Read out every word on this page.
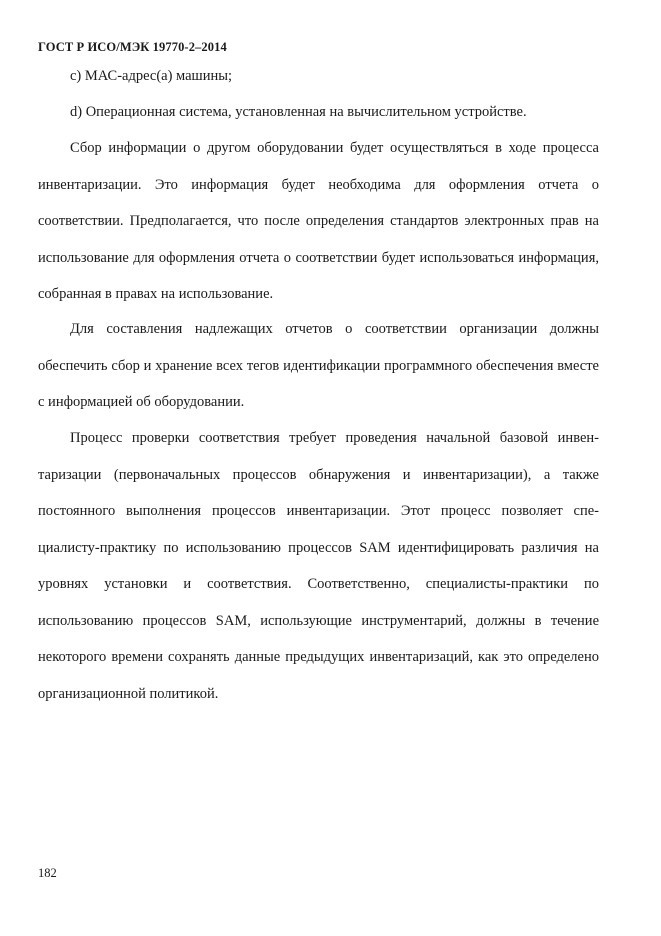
ГОСТ Р ИСО/МЭК 19770-2–2014
c) МАС-адрес(а) машины;
d) Операционная система, установленная на вычислительном устройстве.

Сбор информации о другом оборудовании будет осуществляться в ходе процесса инвентаризации. Это информация будет необходима для оформления отчета о соответствии. Предполагается, что после определения стандартов электронных прав на использование для оформления отчета о соответствии будет использоваться информация, собранная в правах на использование.

Для составления надлежащих отчетов о соответствии организации должны обеспечить сбор и хранение всех тегов идентификации программного обеспечения вместе с информацией об оборудовании.

Процесс проверки соответствия требует проведения начальной базовой инвентаризации (первоначальных процессов обнаружения и инвентаризации), а также постоянного выполнения процессов инвентаризации. Этот процесс позволяет специалисту-практику по использованию процессов SAM идентифицировать различия на уровнях установки и соответствия. Соответственно, специалисты-практики по использованию процессов SAM, использующие инструментарий, должны в течение некоторого времени сохранять данные предыдущих инвентаризаций, как это определено организационной политикой.

182
